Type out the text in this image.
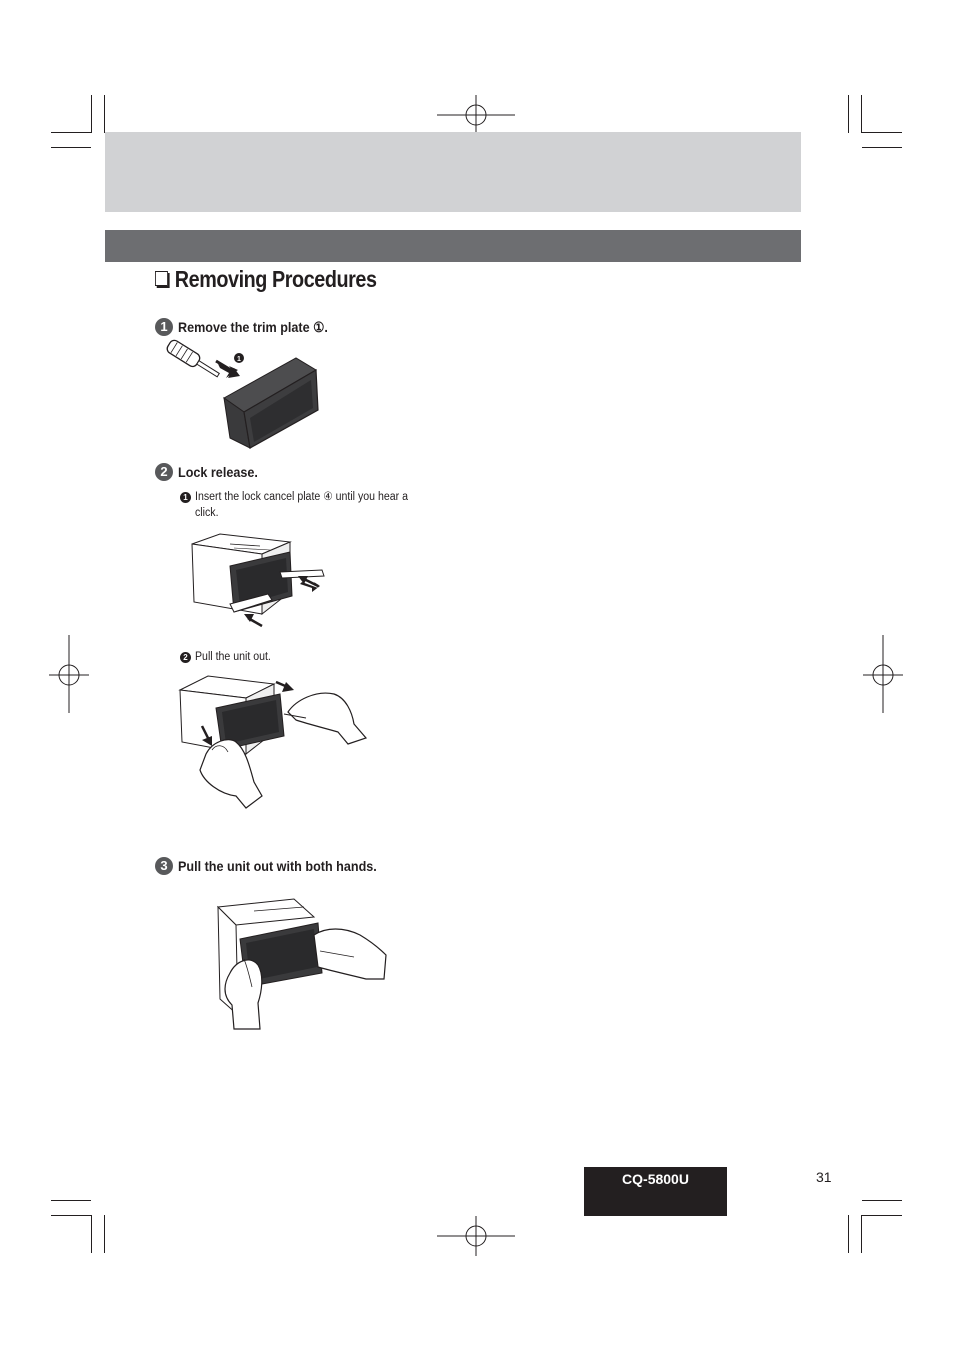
Removing Procedures
1 Remove the trim plate ①.
1
2 Lock release.
1 Insert the lock cancel plate ④ until you hear a click.
2 Pull the unit out.
3 Pull the unit out with both hands.
CQ-5800U	31
